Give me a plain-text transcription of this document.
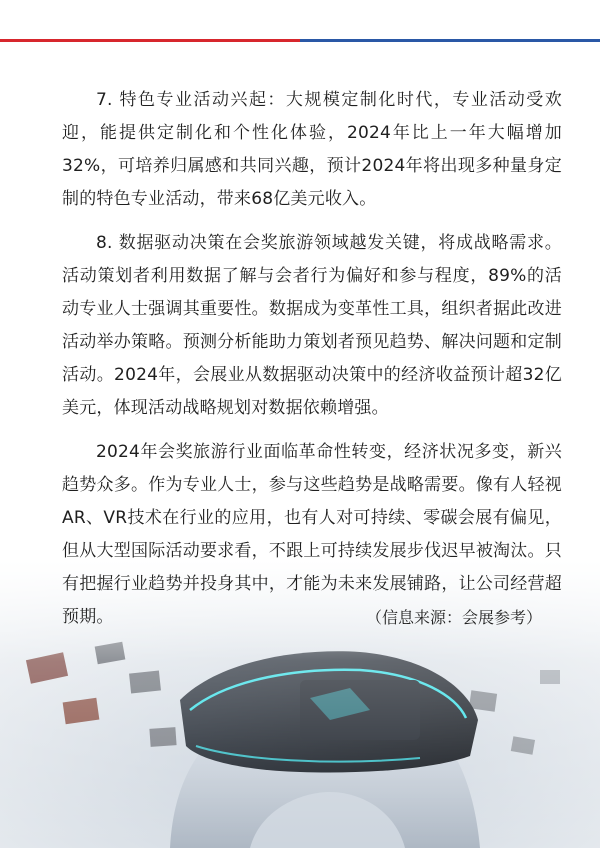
7. 特色专业活动兴起：大规模定制化时代，专业活动受欢迎，能提供定制化和个性化体验，2024年比上一年大幅增加32%，可培养归属感和共同兴趣，预计2024年将出现多种量身定制的特色专业活动，带来68亿美元收入。

8. 数据驱动决策在会奖旅游领域越发关键，将成战略需求。活动策划者利用数据了解与会者行为偏好和参与程度，89%的活动专业人士强调其重要性。数据成为变革性工具，组织者据此改进活动举办策略。预测分析能助力策划者预见趋势、解决问题和定制活动。2024年，会展业从数据驱动决策中的经济收益预计超32亿美元，体现活动战略规划对数据依赖增强。

2024年会奖旅游行业面临革命性转变，经济状况多变，新兴趋势众多。作为专业人士，参与这些趋势是战略需要。像有人轻视AR、VR技术在行业的应用，也有人对可持续、零碳会展有偏见，但从大型国际活动要求看，不跟上可持续发展步伐迟早被淘汰。只有把握行业趋势并投身其中，才能为未来发展铺路，让公司经营超预期。	（信息来源：会展参考）
